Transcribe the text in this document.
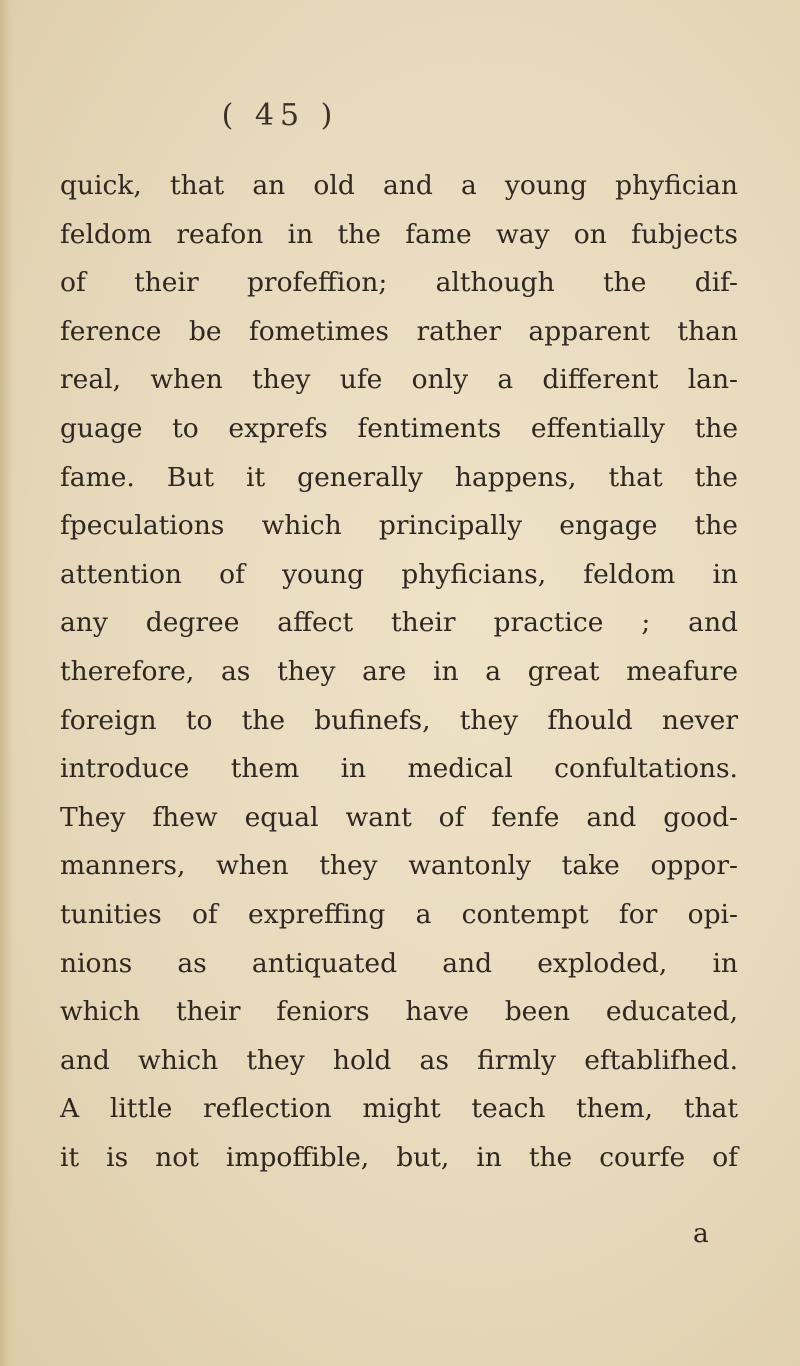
( 45 )
quick, that an old and a young phyfician
feldom reafon in the fame way on fubjects
of their profeffion; although the dif-
ference be fometimes rather apparent than
real, when they ufe only a different lan-
guage to exprefs fentiments effentially the
fame. But it generally happens, that the
fpeculations which principally engage the
attention of young phyficians, feldom in
any degree affect their practice ; and
therefore, as they are in a great meafure
foreign to the bufinefs, they fhould never
introduce them in medical confultations.
They fhew equal want of fenfe and good-
manners, when they wantonly take oppor-
tunities of expreffing a contempt for opi-
nions as antiquated and exploded, in
which their feniors have been educated,
and which they hold as firmly eftablifhed.
A little reflection might teach them, that
it is not impoffible, but, in the courfe of
a
